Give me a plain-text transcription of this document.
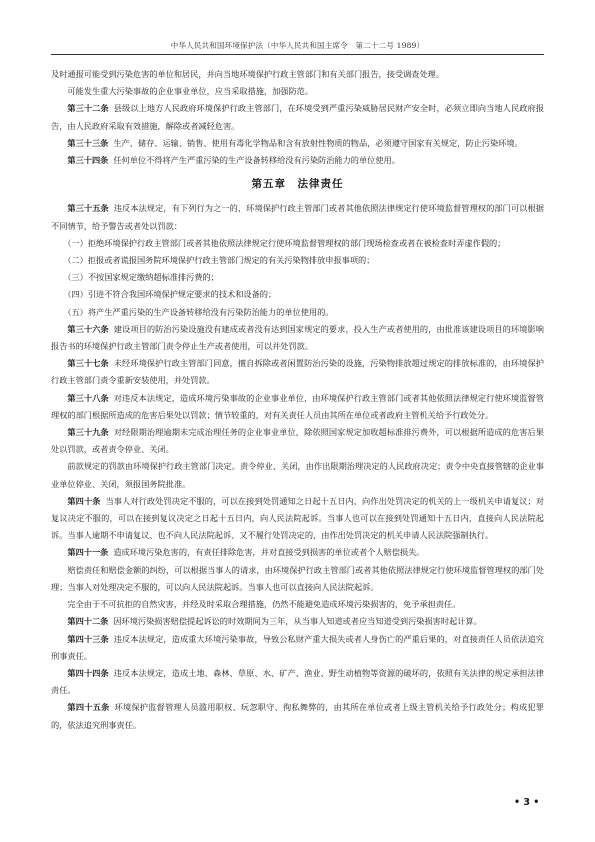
中华人民共和国环境保护法（中华人民共和国主席令　第二十二号 1989）

及时通报可能受到污染危害的单位和居民，并向当地环境保护行政主管部门和有关部门报告，接受调查处理。

可能发生重大污染事故的企业事业单位，应当采取措施，加强防范。

第三十二条 县级以上地方人民政府环境保护行政主管部门，在环境受到严重污染威胁居民财产安全时，必须立即向当地人民政府报告，由人民政府采取有效措施，解除或者减轻危害。

第三十三条 生产、储存、运输、销售、使用有毒化学物品和含有放射性物质的物品，必须遵守国家有关规定，防止污染环境。

第三十四条 任何单位不得将产生严重污染的生产设备转移给没有污染防治能力的单位使用。

第五章　法律责任

第三十五条 违反本法规定，有下列行为之一的，环境保护行政主管部门或者其他依照法律规定行使环境监督管理权的部门可以根据不同情节，给予警告或者处以罚款：

（一）拒绝环境保护行政主管部门或者其他依照法律规定行使环境监督管理权的部门现场检查或者在被检查时弄虚作假的；

（二）拒报或者谎报国务院环境保护行政主管部门规定的有关污染物排放申报事项的；

（三）不按国家规定缴纳超标准排污费的；

（四）引进不符合我国环境保护规定要求的技术和设备的；

（五）将产生严重污染的生产设备转移给没有污染防治能力的单位使用的。

第三十六条 建设项目的防治污染设施没有建成或者没有达到国家规定的要求，投入生产或者使用的，由批准该建设项目的环境影响报告书的环境保护行政主管部门责令停止生产或者使用，可以并处罚款。

第三十七条 未经环境保护行政主管部门同意，擅自拆除或者闲置防治污染的设施，污染物排放超过规定的排放标准的，由环境保护行政主管部门责令重新安装使用，并处罚款。

第三十八条 对违反本法规定，造成环境污染事故的企业事业单位，由环境保护行政主管部门或者其他依照法律规定行使环境监督管理权的部门根据所造成的危害后果处以罚款；情节较重的，对有关责任人员由其所在单位或者政府主管机关给予行政处分。

第三十九条 对经限期治理逾期未完成治理任务的企业事业单位，除依照国家规定加收超标准排污费外，可以根据所造成的危害后果处以罚款，或者责令停业、关闭。

前款规定的罚款由环境保护行政主管部门决定。责令停业、关闭，由作出限期治理决定的人民政府决定；责令中央直接管辖的企业事业单位停业、关闭，须报国务院批准。

第四十条 当事人对行政处罚决定不服的，可以在接到处罚通知之日起十五日内，向作出处罚决定的机关的上一级机关申请复议；对复议决定不服的，可以在接到复议决定之日起十五日内，向人民法院起诉。当事人也可以在接到处罚通知十五日内，直接向人民法院起诉。当事人逾期不申请复议、也不向人民法院起诉、又不履行处罚决定的，由作出处罚决定的机关申请人民法院强制执行。

第四十一条 造成环境污染危害的，有责任排除危害，并对直接受到损害的单位或者个人赔偿损失。

赔偿责任和赔偿金额的纠纷，可以根据当事人的请求，由环境保护行政主管部门或者其他依照法律规定行使环境监督管理权的部门处理；当事人对处理决定不服的，可以向人民法院起诉。当事人也可以直接向人民法院起诉。

完全由于不可抗拒的自然灾害，并经及时采取合理措施，仍然不能避免造成环境污染损害的，免予承担责任。

第四十二条 因环境污染损害赔偿提起诉讼的时效期间为三年，从当事人知道或者应当知道受到污染损害时起计算。

第四十三条 违反本法规定，造成重大环境污染事故，导致公私财产重大损失或者人身伤亡的严重后果的，对直接责任人员依法追究刑事责任。

第四十四条 违反本法规定，造成土地、森林、草原、水、矿产、渔业、野生动植物等资源的破坏的，依照有关法律的规定承担法律责任。

第四十五条 环境保护监督管理人员滥用职权、玩忽职守、徇私舞弊的，由其所在单位或者上级主管机关给予行政处分；构成犯罪的，依法追究刑事责任。

• 3 •
